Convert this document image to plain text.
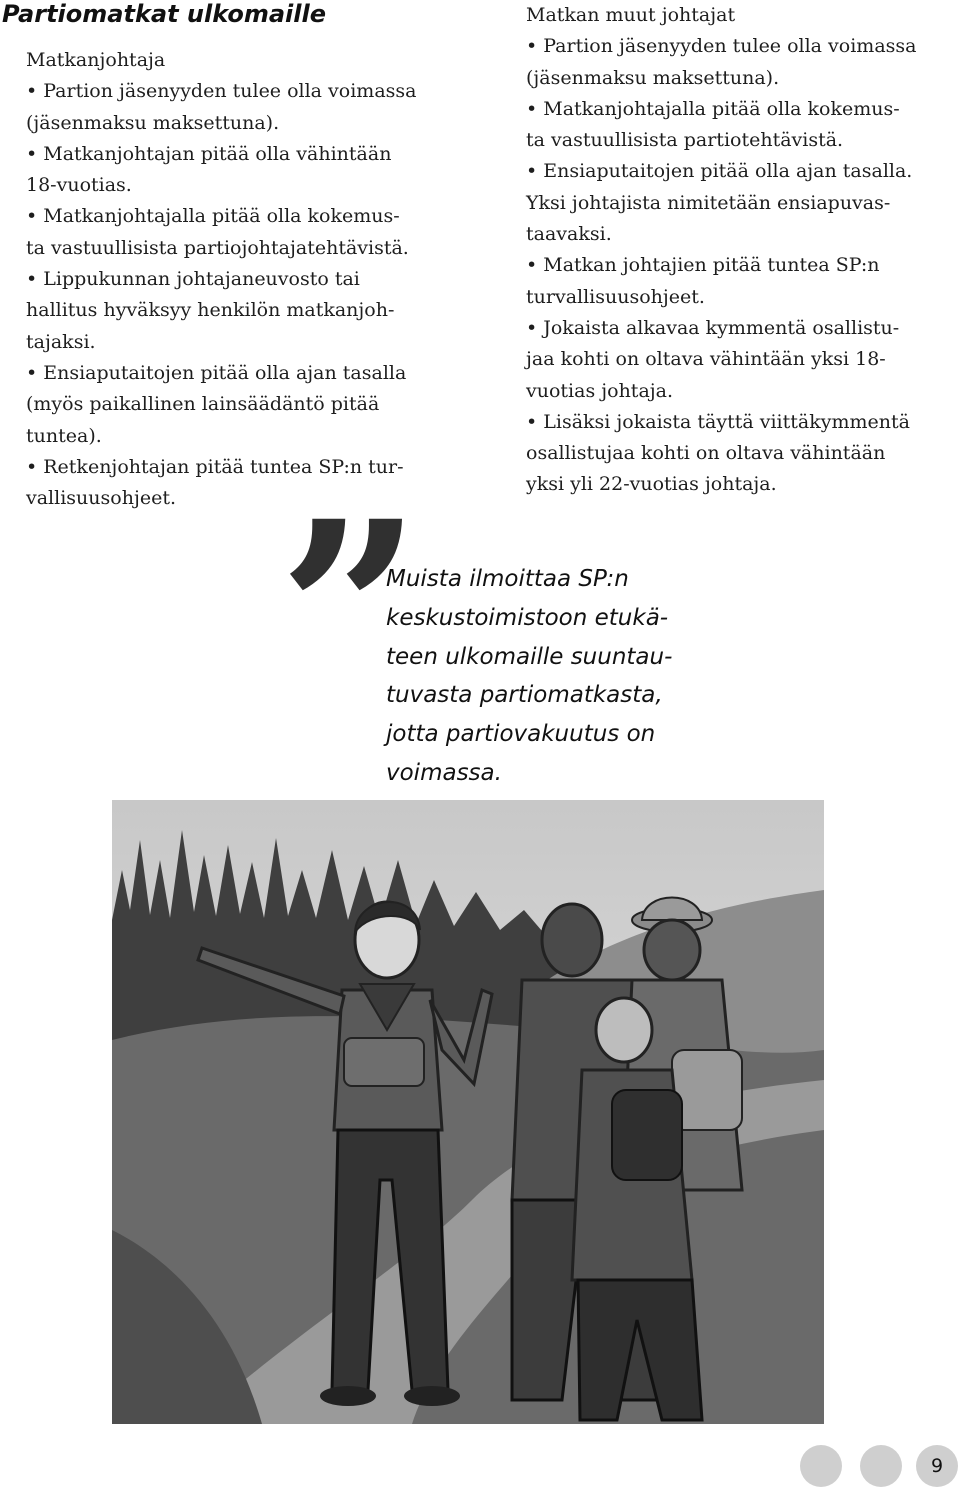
Partiomatkat ulkomaille
Matkanjohtaja
• Partion jäsenyyden tulee olla voimassa
(jäsenmaksu maksettuna).
• Matkanjohtajan pitää olla vähintään
18-vuotias.
• Matkanjohtajalla pitää olla kokemus-
ta vastuullisista partiojohtajatehtävistä.
• Lippukunnan johtajaneuvosto tai
hallitus hyväksyy henkilön matkanjoh-
tajaksi.
• Ensiaputaitojen pitää olla ajan tasalla
(myös paikallinen lainsäädäntö pitää
tuntea).
• Retkenjohtajan pitää tuntea SP:n tur-
vallisuusohjeet.
Matkan muut johtajat
• Partion jäsenyyden tulee olla voimassa
(jäsenmaksu maksettuna).
• Matkanjohtajalla pitää olla kokemus-
ta vastuullisista partiotehtävistä.
• Ensiaputaitojen pitää olla ajan tasalla.
Yksi johtajista nimitetään ensiapuvas-
taavaksi.
• Matkan johtajien pitää tuntea SP:n
turvallisuusohjeet.
• Jokaista alkavaa kymmentä osallistu-
jaa kohti on oltava vähintään yksi 18-
vuotias johtaja.
• Lisäksi jokaista täyttä viittäkymmentä
osallistujaa kohti on oltava vähintään
yksi yli 22-vuotias johtaja.
”
Muista ilmoittaa SP:n
keskustoimistoon etukä-
teen ulkomaille suuntau-
tuvasta partiomatkasta,
jotta partiovakuutus on
voimassa.
9
